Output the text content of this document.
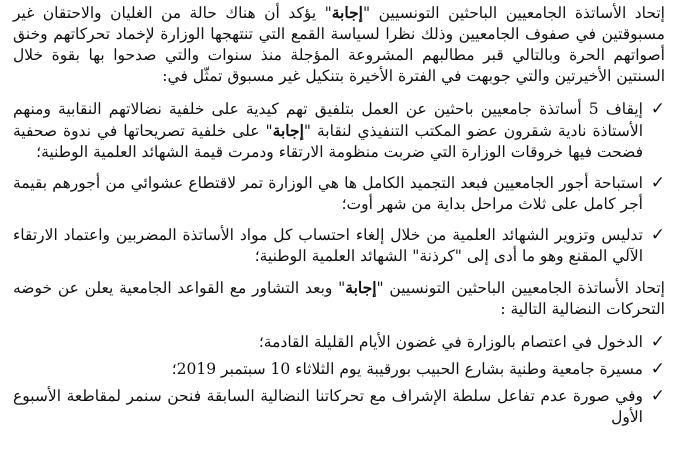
إتحاد الأساتذة الجامعيين الباحثين التونسيين "إجابة" يؤكد أن هناك حالة من الغليان والاحتقان غير مسبوقتين في صفوف الجامعيين وذلك نظرا لسياسة القمع التي تنتهجها الوزارة لإخماد تحركاتهم وخنق أصواتهم الحرة وبالتالي قبر مطالبهم المشروعة المؤجلة منذ سنوات والتي صدحوا بها بقوة خلال السنتين الأخيرتين والتي جوبهت في الفترة الأخيرة بتنكيل غير مسبوق تمثّل في:

✓
إيقاف 5 أساتذة جامعيين باحثين عن العمل بتلفيق تهم كيدية على خلفية نضالاتهم النقابية ومنهم الأستاذة نادية شقرون عضو المكتب التنفيذي لنقابة "إجابة" على خلفية تصريحاتها في ندوة صحفية فضحت فيها خروقات الوزارة التي ضربت منظومة الارتقاء ودمرت قيمة الشهائد العلمية الوطنية؛
✓
استباحة أجور الجامعيين فبعد التجميد الكامل ها هي الوزارة تمر لاقتطاع عشوائي من أجورهم بقيمة أجر كامل على ثلاث مراحل بداية من شهر أوت؛
✓
تدليس وتزوير الشهائد العلمية من خلال إلغاء احتساب كل مواد الأساتذة المضربين واعتماد الارتقاء الآلي المقنع وهو ما أدى إلى "كرذنة" الشهائد العلمية الوطنية؛

إتحاد الأساتذة الجامعيين الباحثين التونسيين "إجابة" وبعد التشاور مع القواعد الجامعية يعلن عن خوضه التحركات النضالية التالية :

✓
الدخول في اعتصام بالوزارة في غضون الأيام القليلة القادمة؛
✓
مسيرة جامعية وطنية بشارع الحبيب بورقيبة يوم الثلاثاء 10 سبتمبر 2019؛
✓
وفي صورة عدم تفاعل سلطة الإشراف مع تحركاتنا النضالية السابقة فنحن سنمر لمقاطعة الأسبوع الأول
